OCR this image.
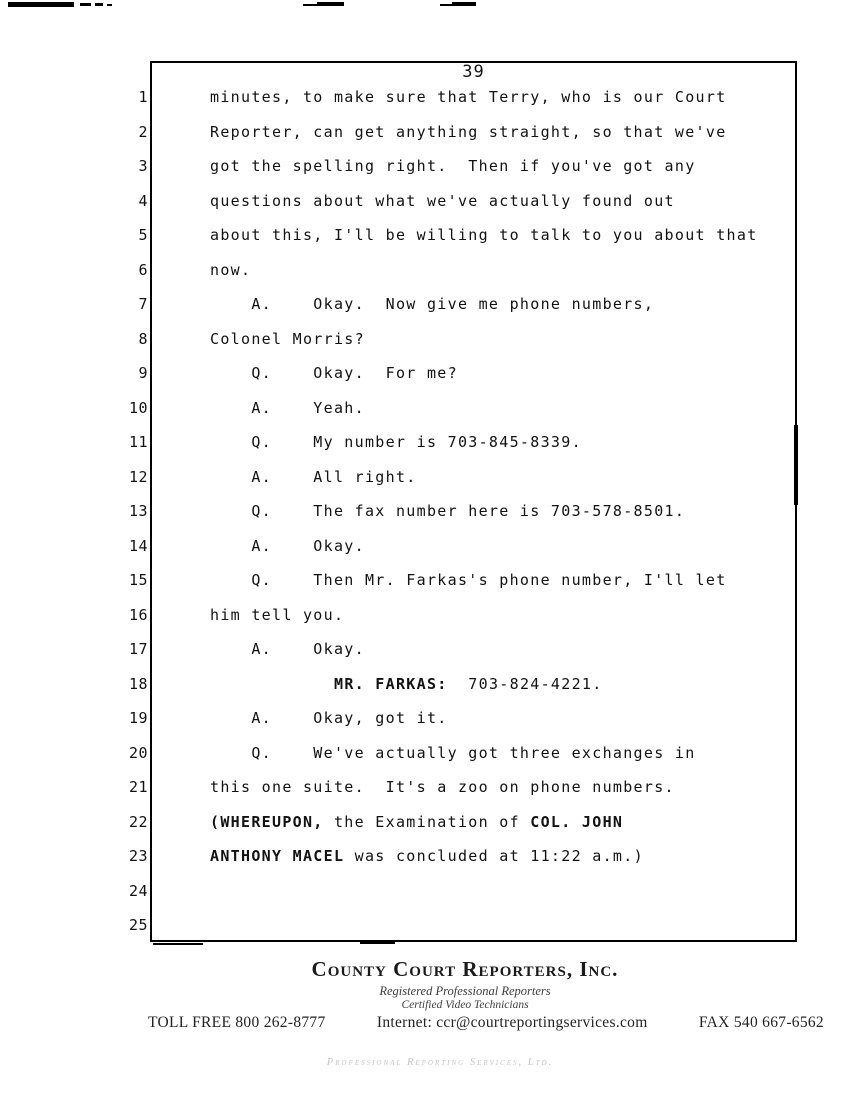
39
1	minutes, to make sure that Terry, who is our Court
2	Reporter, can get anything straight, so that we've
3	got the spelling right.  Then if you've got any
4	questions about what we've actually found out
5	about this, I'll be willing to talk to you about that
6	now.
7	A.    Okay.  Now give me phone numbers,
8	Colonel Morris?
9	Q.    Okay.  For me?
10	A.    Yeah.
11	Q.    My number is 703-845-8339.
12	A.    All right.
13	Q.    The fax number here is 703-578-8501.
14	A.    Okay.
15	Q.    Then Mr. Farkas's phone number, I'll let
16	him tell you.
17	A.    Okay.
18	MR. FARKAS:  703-824-4221.
19	A.    Okay, got it.
20	Q.    We've actually got three exchanges in
21	this one suite.  It's a zoo on phone numbers.
22	(WHEREUPON, the Examination of COL. JOHN
23	ANTHONY MACEL was concluded at 11:22 a.m.)
24
25
County Court Reporters, Inc.
Registered Professional Reporters
Certified Video Technicians
TOLL FREE 800 262-8777	Internet: ccr@courtreportingservices.com	FAX 540 667-6562
Professional Reporting Services, Ltd.
